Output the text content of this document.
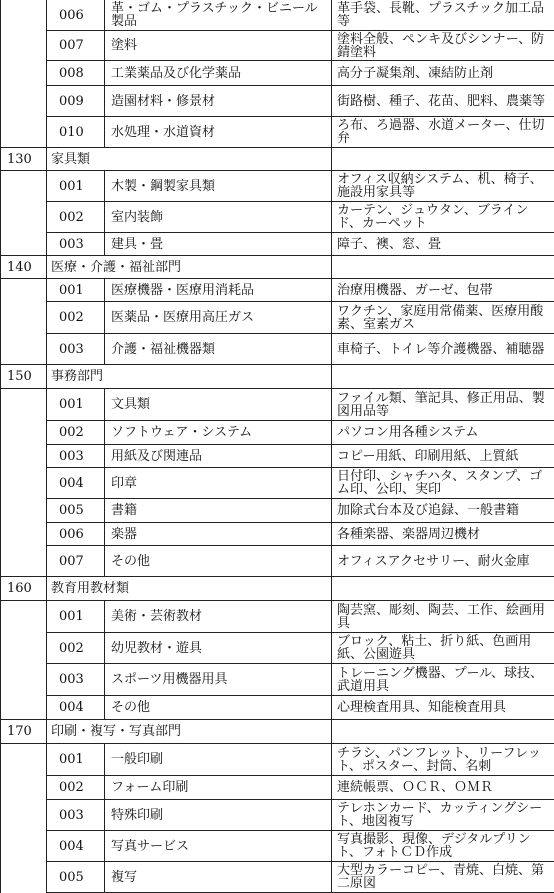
	006	革・ゴム・プラスチック・ビニール製品	革手袋、長靴、プラスチック加工品等
	007	塗料	塗料全般、ペンキ及びシンナー、防錆塗料
	008	工業薬品及び化学薬品	高分子凝集剤、凍結防止剤
	009	造園材料・修景材	街路樹、種子、花苗、肥料、農薬等
	010	水処理・水道資材	ろ布、ろ過器、水道メーター、仕切弁
130	家具類		
	001	木製・鋼製家具類	オフィス収納システム、机、椅子、施設用家具等
	002	室内装飾	カーテン、ジュウタン、ブラインド、カーペット
	003	建具・畳	障子、襖、窓、畳
140	医療・介護・福祉部門		
	001	医療機器・医療用消耗品	治療用機器、ガーゼ、包帯
	002	医薬品・医療用高圧ガス	ワクチン、家庭用常備薬、医療用酸素、室素ガス
	003	介護・福祉機器類	車椅子、トイレ等介護機器、補聴器
150	事務部門		
	001	文具類	ファイル類、筆記具、修正用品、製図用品等
	002	ソフトウェア・システム	パソコン用各種システム
	003	用紙及び関連品	コピー用紙、印刷用紙、上質紙
	004	印章	日付印、シャチハタ、スタンプ、ゴム印、公印、実印
	005	書籍	加除式台本及び追録、一般書籍
	006	楽器	各種楽器、楽器周辺機材
	007	その他	オフィスアクセサリー、耐火金庫
160	教育用教材類		
	001	美術・芸術教材	陶芸窯、彫刻、陶芸、工作、絵画用具
	002	幼児教材・遊具	ブロック、粘土、折り紙、色画用紙、公園遊具
	003	スポーツ用機器用具	トレーニング機器、プール、球技、武道用具
	004	その他	心理検査用具、知能検査用具
170	印刷・複写・写真部門		
	001	一般印刷	チラシ、パンフレット、リーフレット、ポスター、封筒、名刺
	002	フォーム印刷	連続帳票、ＯＣＲ、ＯＭＲ
	003	特殊印刷	テレホンカード、カッティングシート、地図複写
	004	写真サービス	写真撮影、現像、デジタルプリント、フォトＣＤ作成
	005	複写	大型カラーコピー、青焼、白焼、第二原図
